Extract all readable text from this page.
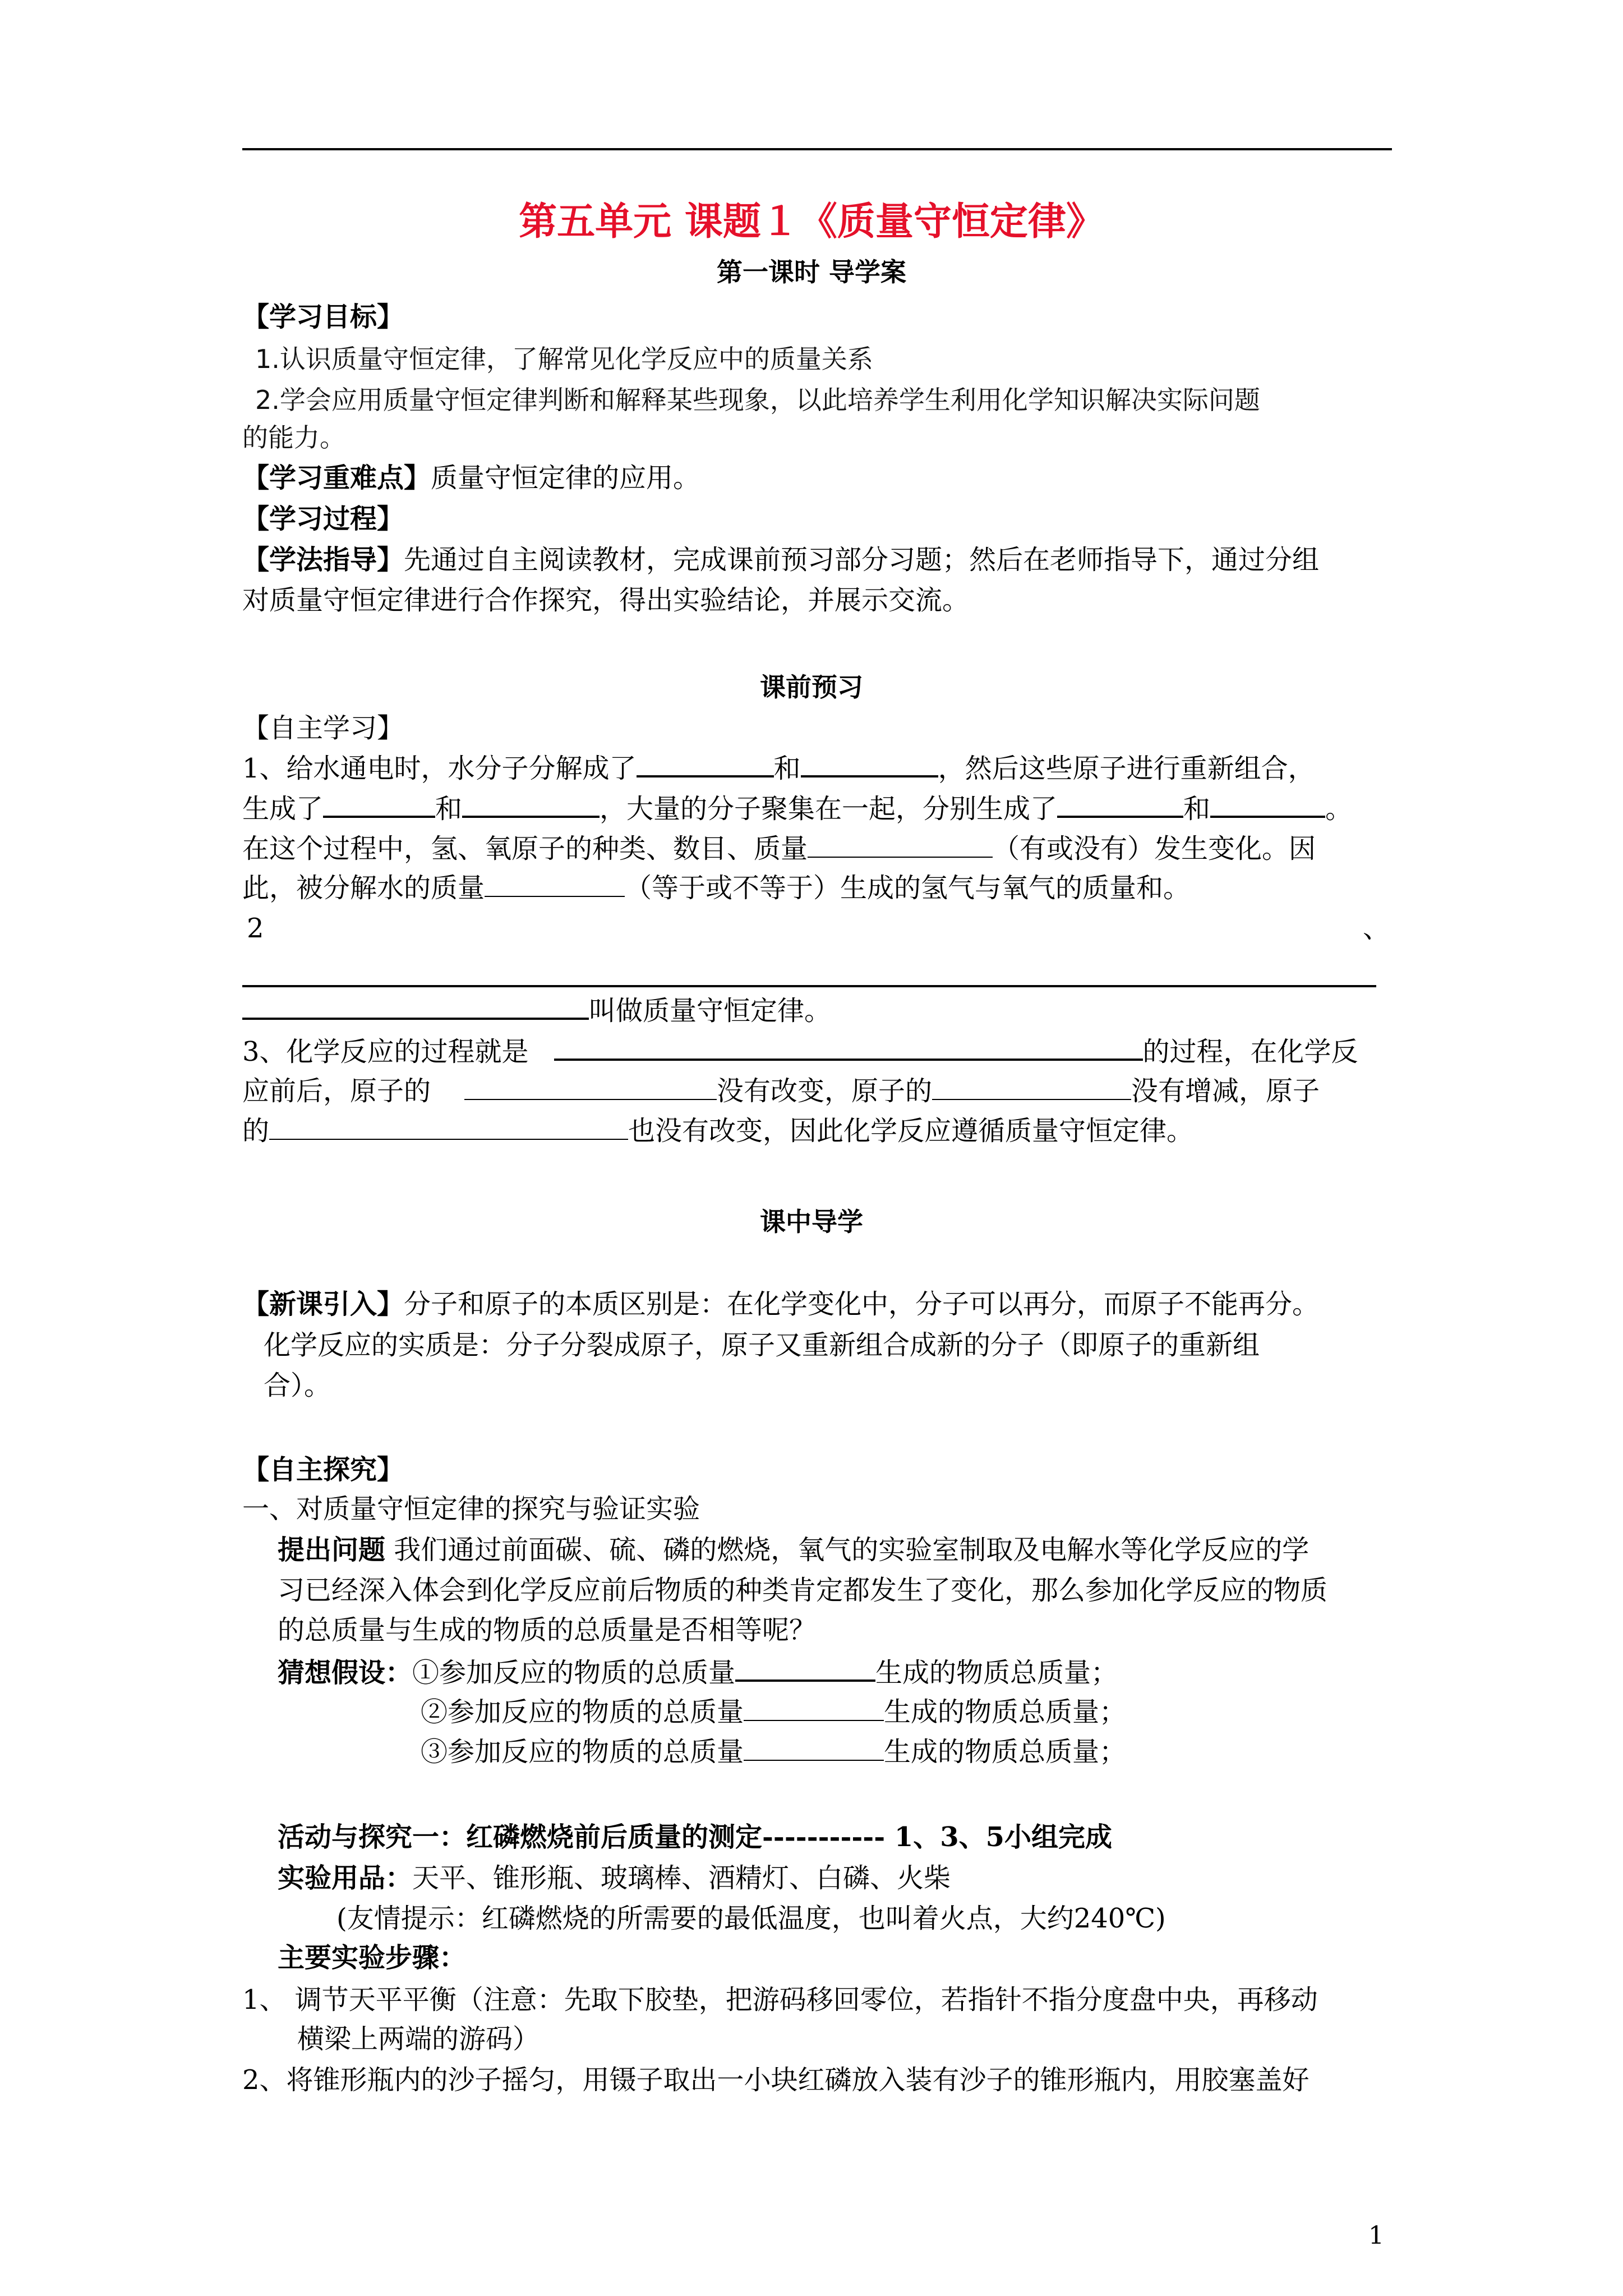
第五单元 课题１《质量守恒定律》
第一课时 导学案
【学习目标】
1.认识质量守恒定律，了解常见化学反应中的质量关系
2.学会应用质量守恒定律判断和解释某些现象，以此培养学生利用化学知识解决实际问题
的能力。
【学习重难点】质量守恒定律的应用。
【学习过程】
【学法指导】先通过自主阅读教材，完成课前预习部分习题；然后在老师指导下，通过分组
对质量守恒定律进行合作探究，得出实验结论，并展示交流。
课前预习
【自主学习】
1、给水通电时，水分子分解成了	和	，然后这些原子进行重新组合，
生成了	和	，大量的分子聚集在一起，分别生成了	和	。
在这个过程中，氢、氧原子的种类、数目、质量	（有或没有）发生变化。因
此，被分解水的质量	（等于或不等于）生成的氢气与氧气的质量和。
2	、
叫做质量守恒定律。
3、化学反应的过程就是	的过程，在化学反
应前后，原子的	没有改变，原子的	没有增减，原子
的	也没有改变，因此化学反应遵循质量守恒定律。
课中导学
【新课引入】分子和原子的本质区别是：在化学变化中，分子可以再分，而原子不能再分。
化学反应的实质是：分子分裂成原子，原子又重新组合成新的分子（即原子的重新组
合）。
【自主探究】
一、对质量守恒定律的探究与验证实验
提出问题 我们通过前面碳、硫、磷的燃烧，氧气的实验室制取及电解水等化学反应的学
习已经深入体会到化学反应前后物质的种类肯定都发生了变化，那么参加化学反应的物质
的总质量与生成的物质的总质量是否相等呢？
猜想假设：①参加反应的物质的总质量	生成的物质总质量；
②参加反应的物质的总质量	生成的物质总质量；
③参加反应的物质的总质量	生成的物质总质量；
活动与探究一：红磷燃烧前后质量的测定----------- 1、3、5小组完成
实验用品：天平、锥形瓶、玻璃棒、酒精灯、白磷、火柴
(友情提示：红磷燃烧的所需要的最低温度，也叫着火点，大约240℃)
主要实验步骤：
1、 调节天平平衡（注意：先取下胶垫，把游码移回零位，若指针不指分度盘中央，再移动
横梁上两端的游码）
2、将锥形瓶内的沙子摇匀，用镊子取出一小块红磷放入装有沙子的锥形瓶内，用胶塞盖好
1
